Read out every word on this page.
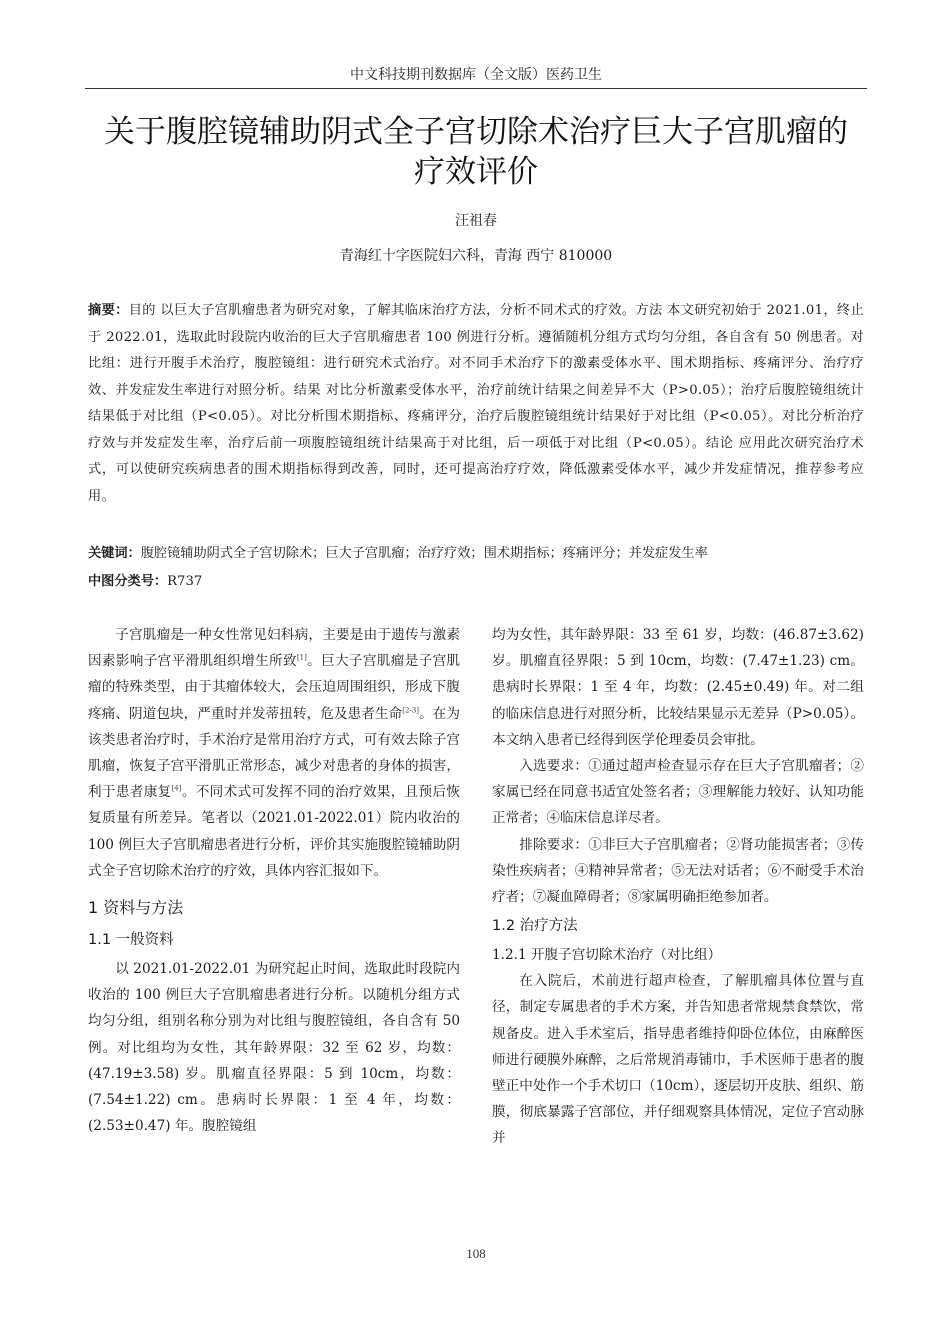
中文科技期刊数据库（全文版）医药卫生
关于腹腔镜辅助阴式全子宫切除术治疗巨大子宫肌瘤的
疗效评价
汪祖春
青海红十字医院妇六科，青海 西宁 810000
摘要：目的 以巨大子宫肌瘤患者为研究对象，了解其临床治疗方法，分析不同术式的疗效。方法 本文研究初始于 2021.01，终止于 2022.01，选取此时段院内收治的巨大子宫肌瘤患者 100 例进行分析。遵循随机分组方式均匀分组，各自含有 50 例患者。对比组：进行开腹手术治疗，腹腔镜组：进行研究术式治疗。对不同手术治疗下的激素受体水平、围术期指标、疼痛评分、治疗疗效、并发症发生率进行对照分析。结果 对比分析激素受体水平，治疗前统计结果之间差异不大（P>0.05）；治疗后腹腔镜组统计结果低于对比组（P<0.05）。对比分析围术期指标、疼痛评分，治疗后腹腔镜组统计结果好于对比组（P<0.05）。对比分析治疗疗效与并发症发生率，治疗后前一项腹腔镜组统计结果高于对比组，后一项低于对比组（P<0.05）。结论 应用此次研究治疗术式，可以使研究疾病患者的围术期指标得到改善，同时，还可提高治疗疗效，降低激素受体水平，减少并发症情况，推荐参考应用。
关键词：腹腔镜辅助阴式全子宫切除术；巨大子宫肌瘤；治疗疗效；围术期指标；疼痛评分；并发症发生率
中图分类号：R737

子宫肌瘤是一种女性常见妇科病，主要是由于遗传与激素因素影响子宫平滑肌组织增生所致[1]。巨大子宫肌瘤是子宫肌瘤的特殊类型，由于其瘤体较大，会压迫周围组织，形成下腹疼痛、阴道包块，严重时并发蒂扭转，危及患者生命[2-3]。在为该类患者治疗时，手术治疗是常用治疗方式，可有效去除子宫肌瘤，恢复子宫平滑肌正常形态，减少对患者的身体的损害，利于患者康复[4]。不同术式可发挥不同的治疗效果，且预后恢复质量有所差异。笔者以（2021.01-2022.01）院内收治的 100 例巨大子宫肌瘤患者进行分析，评价其实施腹腔镜辅助阴式全子宫切除术治疗的疗效，具体内容汇报如下。

1 资料与方法
1.1 一般资料

以 2021.01-2022.01 为研究起止时间，选取此时段院内收治的 100 例巨大子宫肌瘤患者进行分析。以随机分组方式均匀分组，组别名称分别为对比组与腹腔镜组，各自含有 50 例。对比组均为女性，其年龄界限：32 至 62 岁，均数：(47.19±3.58) 岁。肌瘤直径界限：5 到 10cm，均数：(7.54±1.22) cm。患病时长界限：1 至 4 年，均数：(2.53±0.47) 年。腹腔镜组

均为女性，其年龄界限：33 至 61 岁，均数：(46.87±3.62) 岁。肌瘤直径界限：5 到 10cm，均数：(7.47±1.23) cm。患病时长界限：1 至 4 年，均数：(2.45±0.49) 年。对二组的临床信息进行对照分析，比较结果显示无差异（P>0.05）。本文纳入患者已经得到医学伦理委员会审批。

入选要求：①通过超声检查显示存在巨大子宫肌瘤者；②家属已经在同意书适宜处签名者；③理解能力较好、认知功能正常者；④临床信息详尽者。

排除要求：①非巨大子宫肌瘤者；②肾功能损害者；③传染性疾病者；④精神异常者；⑤无法对话者；⑥不耐受手术治疗者；⑦凝血障碍者；⑧家属明确拒绝参加者。

1.2 治疗方法
1.2.1 开腹子宫切除术治疗（对比组）

在入院后，术前进行超声检查，了解肌瘤具体位置与直径，制定专属患者的手术方案，并告知患者常规禁食禁饮，常规备皮。进入手术室后，指导患者维持仰卧位体位，由麻醉医师进行硬膜外麻醉，之后常规消毒铺巾，手术医师于患者的腹壁正中处作一个手术切口（10cm），逐层切开皮肤、组织、筋膜，彻底暴露子宫部位，并仔细观察具体情况，定位子宫动脉并

108
